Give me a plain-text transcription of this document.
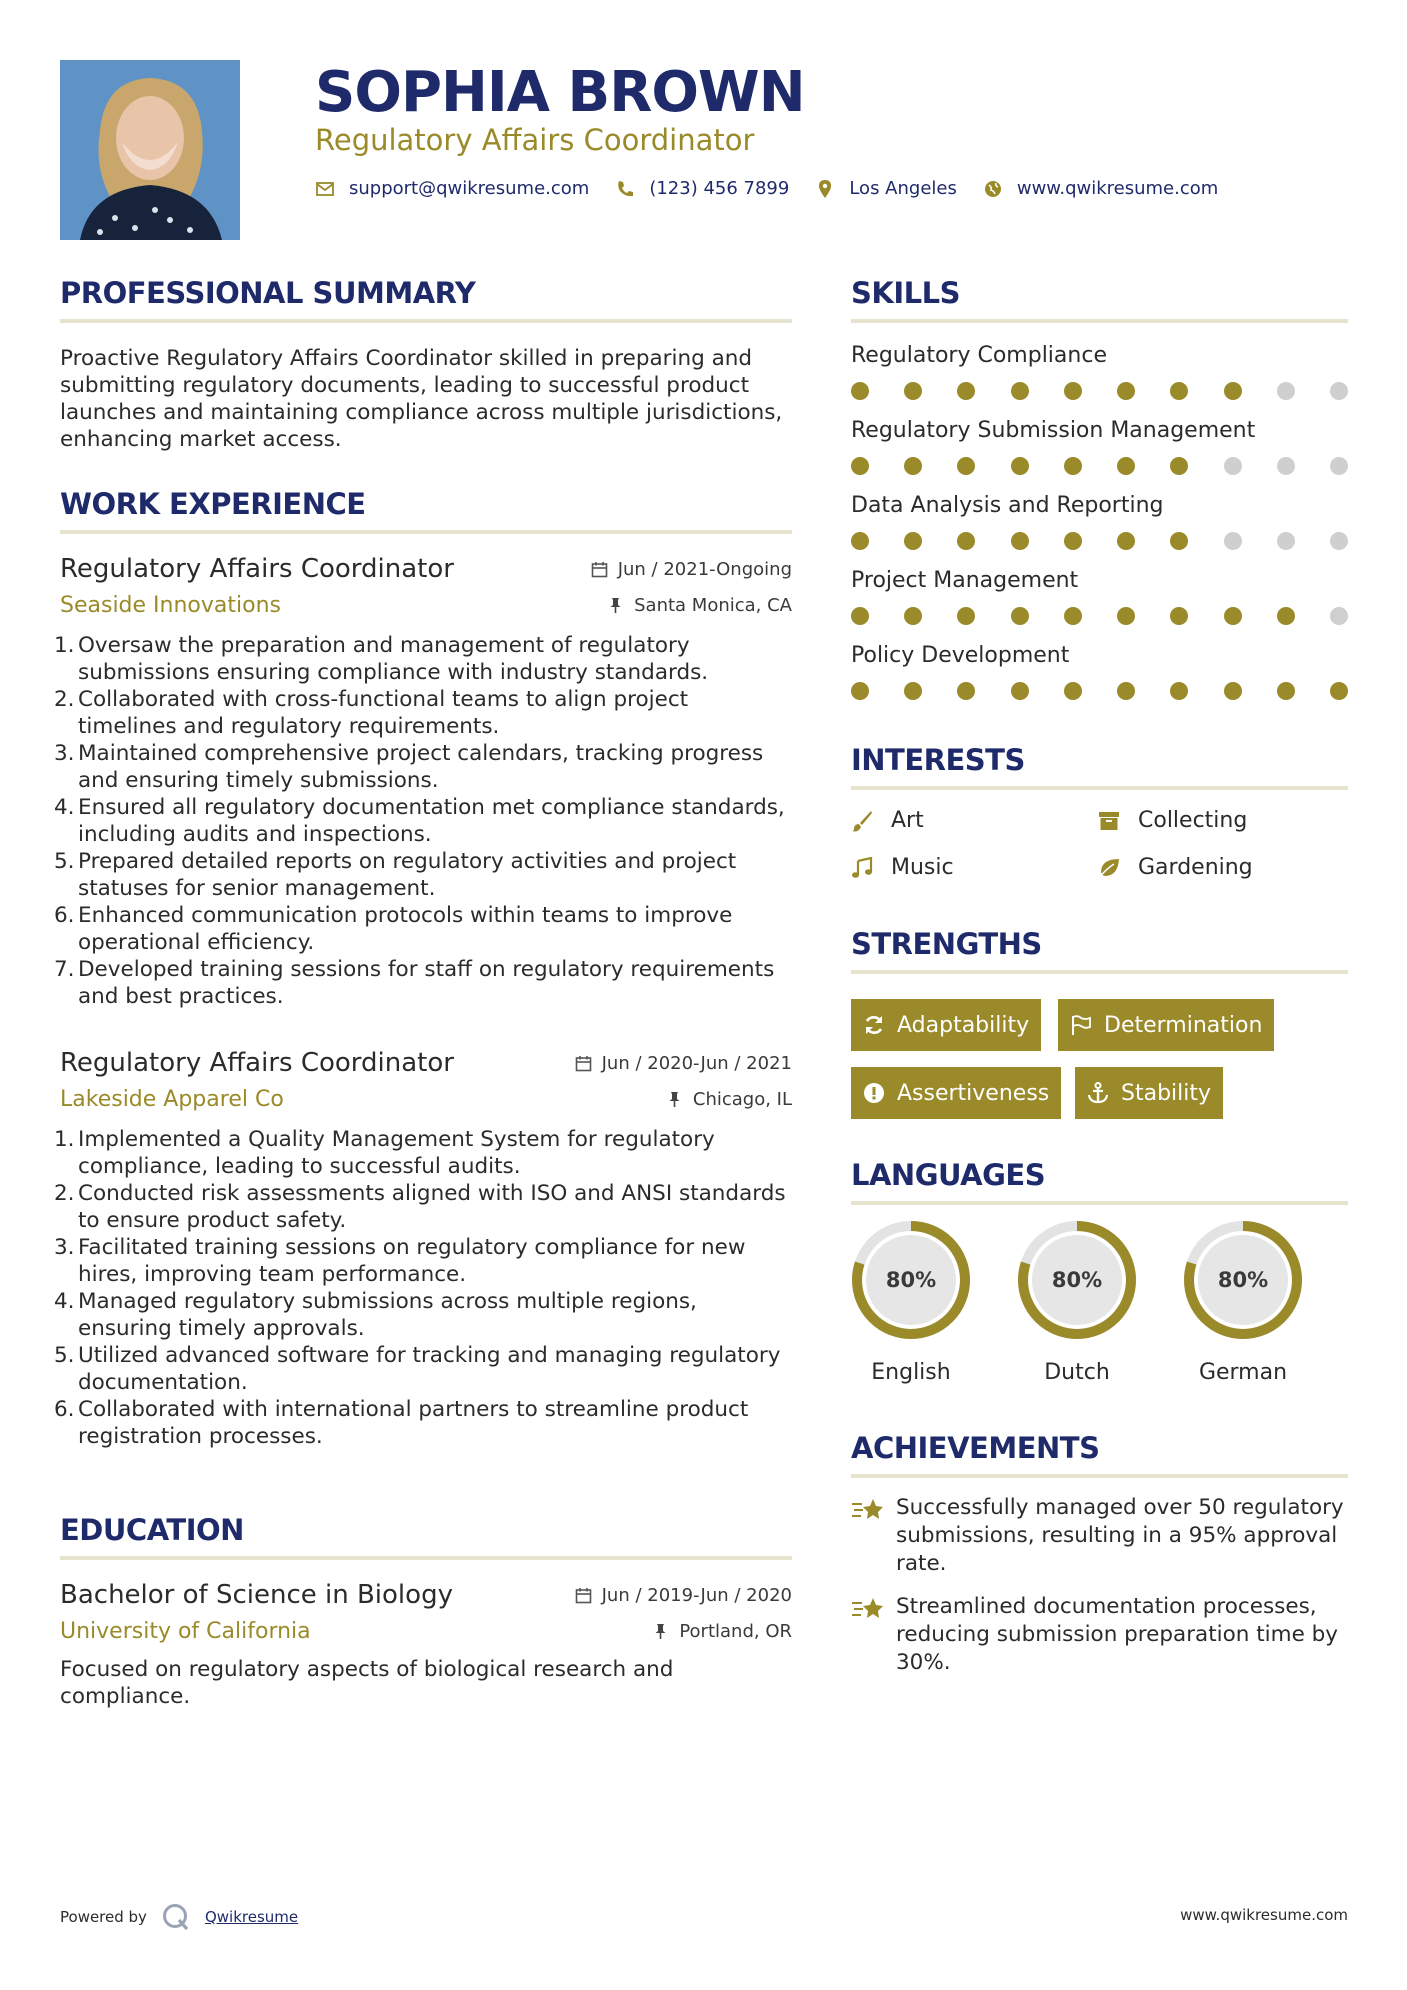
SOPHIA BROWN
Regulatory Affairs Coordinator
support@qwikresume.com	(123) 456 7899	Los Angeles	www.qwikresume.com
PROFESSIONAL SUMMARY

Proactive Regulatory Affairs Coordinator skilled in preparing and submitting regulatory documents, leading to successful product launches and maintaining compliance across multiple jurisdictions, enhancing market access.

WORK EXPERIENCE
Regulatory Affairs Coordinator	Jun / 2021-Ongoing
Seaside Innovations	Santa Monica, CA
1. Oversaw the preparation and management of regulatory submissions ensuring compliance with industry standards.
2. Collaborated with cross-functional teams to align project timelines and regulatory requirements.
3. Maintained comprehensive project calendars, tracking progress and ensuring timely submissions.
4. Ensured all regulatory documentation met compliance standards, including audits and inspections.
5. Prepared detailed reports on regulatory activities and project statuses for senior management.
6. Enhanced communication protocols within teams to improve operational efficiency.
7. Developed training sessions for staff on regulatory requirements and best practices.
Regulatory Affairs Coordinator	Jun / 2020-Jun / 2021
Lakeside Apparel Co	Chicago, IL
1. Implemented a Quality Management System for regulatory compliance, leading to successful audits.
2. Conducted risk assessments aligned with ISO and ANSI standards to ensure product safety.
3. Facilitated training sessions on regulatory compliance for new hires, improving team performance.
4. Managed regulatory submissions across multiple regions, ensuring timely approvals.
5. Utilized advanced software for tracking and managing regulatory documentation.
6. Collaborated with international partners to streamline product registration processes.
EDUCATION
Bachelor of Science in Biology	Jun / 2019-Jun / 2020
University of California	Portland, OR

Focused on regulatory aspects of biological research and compliance.

SKILLS
Regulatory Compliance
Regulatory Submission Management
Data Analysis and Reporting
Project Management
Policy Development
INTERESTS
Art	Collecting
Music	Gardening
STRENGTHS
Adaptability	Determination
Assertiveness	Stability
LANGUAGES
80%
English
80%
Dutch
80%
German
ACHIEVEMENTS
Successfully managed over 50 regulatory submissions, resulting in a 95% approval rate.
Streamlined documentation processes, reducing submission preparation time by 30%.
Powered by	Qwikresume	www.qwikresume.com
